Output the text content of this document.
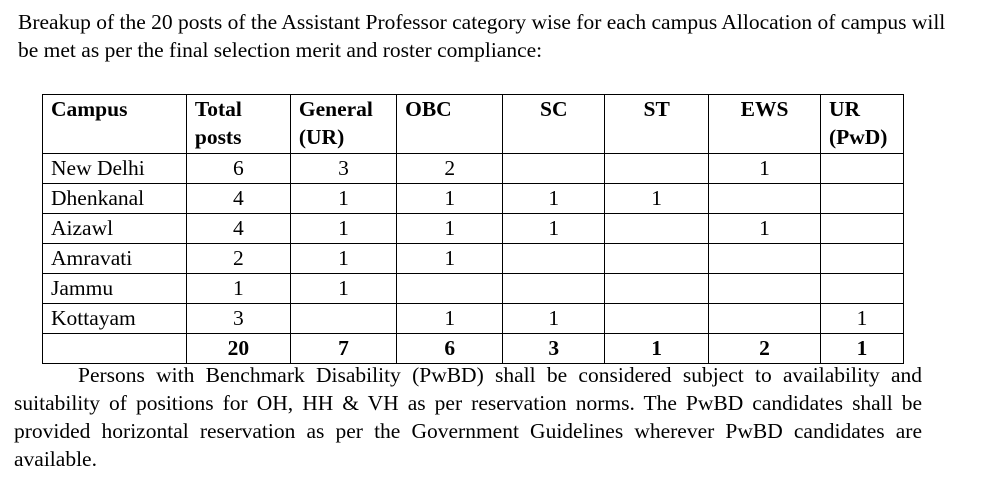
Breakup of the 20 posts of the Assistant Professor category wise for each campus Allocation of campus will be met as per the final selection merit and roster compliance:

Campus	Total posts	General (UR)	OBC	SC	ST	EWS	UR (PwD)
New Delhi	6	3	2			1	
Dhenkanal	4	1	1	1	1		
Aizawl	4	1	1	1		1	
Amravati	2	1	1				
Jammu	1	1					
Kottayam	3		1	1			1
	20	7	6	3	1	2	1

Persons with Benchmark Disability (PwBD) shall be considered subject to availability and suitability of positions for OH, HH & VH as per reservation norms. The PwBD candidates shall be provided horizontal reservation as per the Government Guidelines wherever PwBD candidates are available.
